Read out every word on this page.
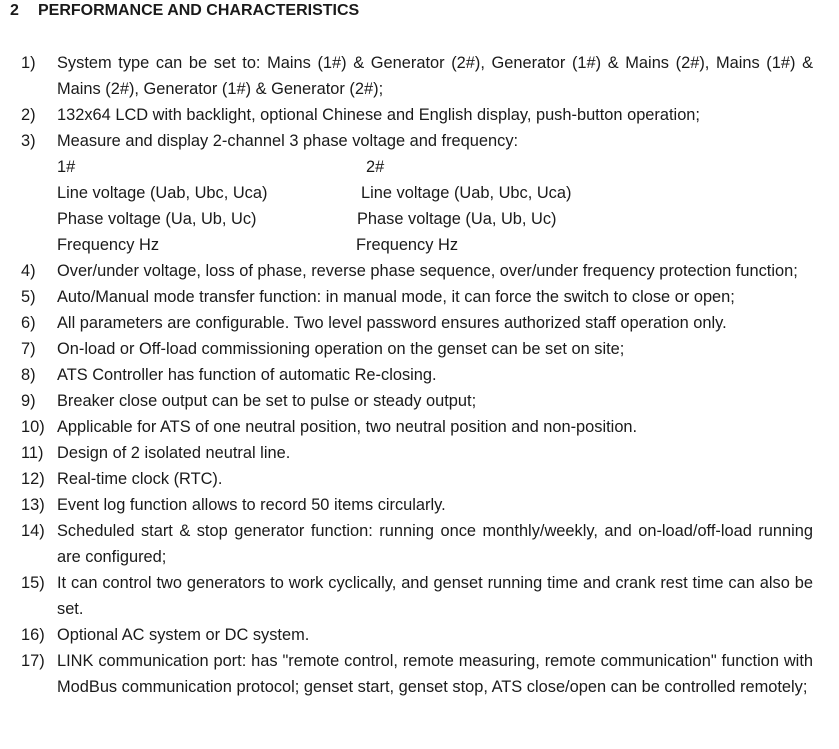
2 PERFORMANCE AND CHARACTERISTICS
1) System type can be set to: Mains (1#) & Generator (2#), Generator (1#) & Mains (2#), Mains (1#) & Mains (2#), Generator (1#) & Generator (2#);
2) 132x64 LCD with backlight, optional Chinese and English display, push-button operation;
3) Measure and display 2-channel 3 phase voltage and frequency:
1#	2#
Line voltage (Uab, Ubc, Uca)	Line voltage (Uab, Ubc, Uca)
Phase voltage (Ua, Ub, Uc)	Phase voltage (Ua, Ub, Uc)
Frequency Hz	Frequency Hz
4) Over/under voltage, loss of phase, reverse phase sequence, over/under frequency protection function;
5) Auto/Manual mode transfer function: in manual mode, it can force the switch to close or open;
6) All parameters are configurable. Two level password ensures authorized staff operation only.
7) On-load or Off-load commissioning operation on the genset can be set on site;
8) ATS Controller has function of automatic Re-closing.
9) Breaker close output can be set to pulse or steady output;
10) Applicable for ATS of one neutral position, two neutral position and non-position.
11) Design of 2 isolated neutral line.
12) Real-time clock (RTC).
13) Event log function allows to record 50 items circularly.
14) Scheduled start & stop generator function: running once monthly/weekly, and on-load/off-load running are configured;
15) It can control two generators to work cyclically, and genset running time and crank rest time can also be set.
16) Optional AC system or DC system.
17) LINK communication port: has "remote control, remote measuring, remote communication" function with ModBus communication protocol; genset start, genset stop, ATS close/open can be controlled remotely;
